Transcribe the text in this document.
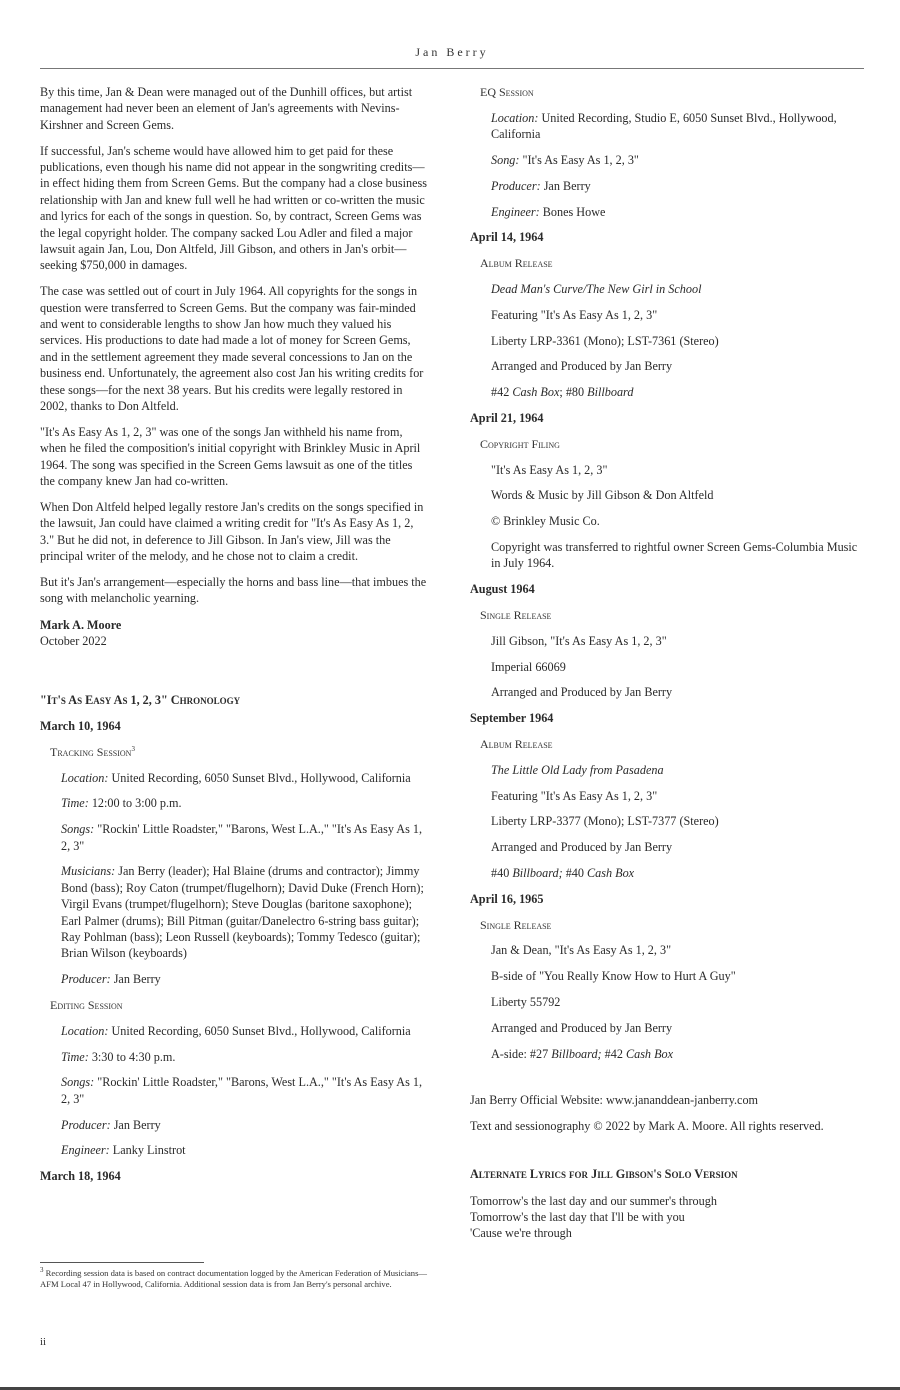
Jan Berry

By this time, Jan & Dean were managed out of the Dunhill offices, but artist management had never been an element of Jan's agreements with Nevins-Kirshner and Screen Gems.

If successful, Jan's scheme would have allowed him to get paid for these publications, even though his name did not appear in the songwriting credits—in effect hiding them from Screen Gems. But the company had a close business relationship with Jan and knew full well he had written or co-written the music and lyrics for each of the songs in question. So, by contract, Screen Gems was the legal copyright holder. The company sacked Lou Adler and filed a major lawsuit again Jan, Lou, Don Altfeld, Jill Gibson, and others in Jan's orbit—seeking $750,000 in damages.

The case was settled out of court in July 1964. All copyrights for the songs in question were transferred to Screen Gems. But the company was fair-minded and went to considerable lengths to show Jan how much they valued his services. His productions to date had made a lot of money for Screen Gems, and in the settlement agreement they made several concessions to Jan on the business end. Unfortunately, the agreement also cost Jan his writing credits for these songs—for the next 38 years. But his credits were legally restored in 2002, thanks to Don Altfeld.

"It's As Easy As 1, 2, 3" was one of the songs Jan withheld his name from, when he filed the composition's initial copyright with Brinkley Music in April 1964. The song was specified in the Screen Gems lawsuit as one of the titles the company knew Jan had co-written.

When Don Altfeld helped legally restore Jan's credits on the songs specified in the lawsuit, Jan could have claimed a writing credit for "It's As Easy As 1, 2, 3." But he did not, in deference to Jill Gibson. In Jan's view, Jill was the principal writer of the melody, and he chose not to claim a credit.

But it's Jan's arrangement—especially the horns and bass line—that imbues the song with melancholic yearning.

Mark A. Moore
October 2022
"It's As Easy As 1, 2, 3" Chronology
March 10, 1964
Tracking Session$^3$

Location: United Recording, 6050 Sunset Blvd., Hollywood, California

Time: 12:00 to 3:00 p.m.

Songs: "Rockin' Little Roadster," "Barons, West L.A.," "It's As Easy As 1, 2, 3"

Musicians: Jan Berry (leader); Hal Blaine (drums and contractor); Jimmy Bond (bass); Roy Caton (trumpet/flugelhorn); David Duke (French Horn); Virgil Evans (trumpet/flugelhorn); Steve Douglas (baritone saxophone); Earl Palmer (drums); Bill Pitman (guitar/Danelectro 6-string bass guitar); Ray Pohlman (bass); Leon Russell (keyboards); Tommy Tedesco (guitar); Brian Wilson (keyboards)

Producer: Jan Berry

Editing Session

Location: United Recording, 6050 Sunset Blvd., Hollywood, California

Time: 3:30 to 4:30 p.m.

Songs: "Rockin' Little Roadster," "Barons, West L.A.," "It's As Easy As 1, 2, 3"

Producer: Jan Berry

Engineer: Lanky Linstrot

March 18, 1964
EQ Session

Location: United Recording, Studio E, 6050 Sunset Blvd., Hollywood, California

Song: "It's As Easy As 1, 2, 3"

Producer: Jan Berry

Engineer: Bones Howe

April 14, 1964
Album Release

Dead Man's Curve/The New Girl in School

Featuring "It's As Easy As 1, 2, 3"

Liberty LRP-3361 (Mono); LST-7361 (Stereo)

Arranged and Produced by Jan Berry

#42 Cash Box; #80 Billboard

April 21, 1964
Copyright Filing

"It's As Easy As 1, 2, 3"

Words & Music by Jill Gibson & Don Altfeld

© Brinkley Music Co.

Copyright was transferred to rightful owner Screen Gems-Columbia Music in July 1964.

August 1964
Single Release

Jill Gibson, "It's As Easy As 1, 2, 3"

Imperial 66069

Arranged and Produced by Jan Berry

September 1964
Album Release

The Little Old Lady from Pasadena

Featuring "It's As Easy As 1, 2, 3"

Liberty LRP-3377 (Mono); LST-7377 (Stereo)

Arranged and Produced by Jan Berry

#40 Billboard; #40 Cash Box

April 16, 1965
Single Release

Jan & Dean, "It's As Easy As 1, 2, 3"

B-side of "You Really Know How to Hurt A Guy"

Liberty 55792

Arranged and Produced by Jan Berry

A-side: #27 Billboard; #42 Cash Box

Jan Berry Official Website: www.jananddean-janberry.com

Text and sessionography © 2022 by Mark A. Moore. All rights reserved.

Alternate Lyrics for Jill Gibson's Solo Version

Tomorrow's the last day and our summer's through

Tomorrow's the last day that I'll be with you

'Cause we're through

$^3$ Recording session data is based on contract documentation logged by the American Federation of Musicians—AFM Local 47 in Hollywood, California. Additional session data is from Jan Berry's personal archive.
ii
